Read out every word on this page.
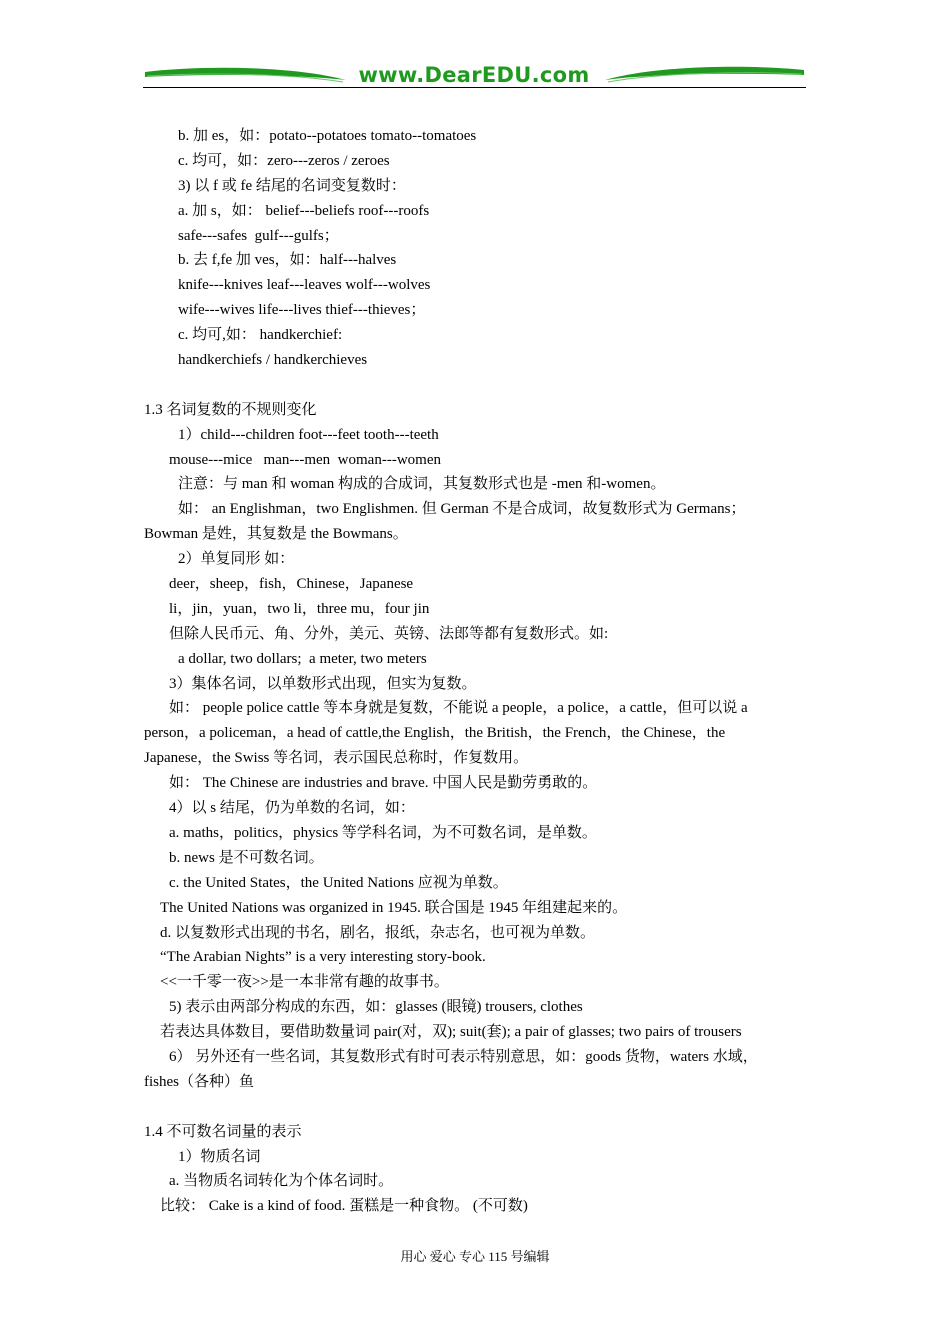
www.DearEDU.com
b. 加 es，如：potato--potatoes tomato--tomatoes
c. 均可，如：zero---zeros / zeroes
3) 以 f 或 fe 结尾的名词变复数时：
a. 加 s，如： belief---beliefs roof---roofs
safe---safes  gulf---gulfs；
b. 去 f,fe 加 ves，如：half---halves
knife---knives leaf---leaves wolf---wolves
wife---wives life---lives thief---thieves；
c. 均可,如： handkerchief:
handkerchiefs / handkerchieves
1.3 名词复数的不规则变化
1）child---children foot---feet tooth---teeth
mouse---mice   man---men  woman---women
注意：与 man 和 woman 构成的合成词，其复数形式也是 -men 和-women。
如： an Englishman，two Englishmen. 但 German 不是合成词，故复数形式为 Germans；
Bowman 是姓，其复数是 the Bowmans。
2）单复同形 如：
deer，sheep，fish，Chinese，Japanese
li，jin，yuan，two li，three mu，four jin
但除人民币元、角、分外，美元、英镑、法郎等都有复数形式。如:
a dollar, two dollars;  a meter, two meters
3）集体名词，以单数形式出现，但实为复数。
如： people police cattle 等本身就是复数，不能说 a people，a police，a cattle，但可以说 a
person，a policeman，a head of cattle,the English，the British，the French，the Chinese，the
Japanese，the Swiss 等名词，表示国民总称时，作复数用。
如： The Chinese are industries and brave. 中国人民是勤劳勇敢的。
4）以 s 结尾，仍为单数的名词，如：
a. maths，politics，physics 等学科名词，为不可数名词，是单数。
b. news 是不可数名词。
c. the United States，the United Nations 应视为单数。
The United Nations was organized in 1945. 联合国是 1945 年组建起来的。
d. 以复数形式出现的书名，剧名，报纸，杂志名，也可视为单数。
“The Arabian Nights” is a very interesting story-book.
<<一千零一夜>>是一本非常有趣的故事书。
5) 表示由两部分构成的东西，如：glasses (眼镜) trousers, clothes
若表达具体数目，要借助数量词 pair(对，双); suit(套); a pair of glasses; two pairs of trousers
6） 另外还有一些名词，其复数形式有时可表示特别意思，如：goods 货物，waters 水域，
fishes（各种）鱼
1.4 不可数名词量的表示
1）物质名词
a. 当物质名词转化为个体名词时。
比较： Cake is a kind of food. 蛋糕是一种食物。 (不可数)
用心 爱心 专心 115 号编辑
